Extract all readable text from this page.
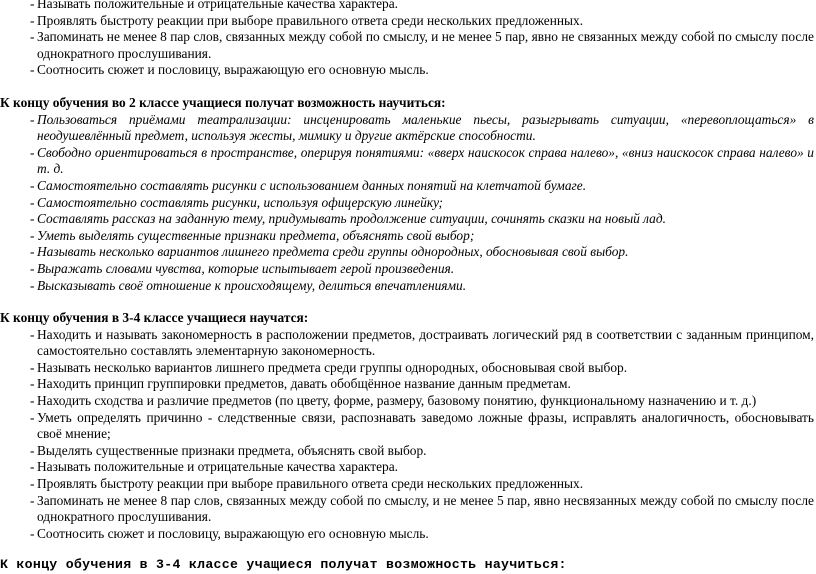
- Называть положительные и отрицательные качества характера.
- Проявлять быстроту реакции при выборе правильного ответа среди нескольких предложенных.
- Запоминать не менее 8 пар слов, связанных между собой по смыслу, и не менее 5 пар, явно не связанных между собой по смыслу после однократного прослушивания.
- Соотносить сюжет и пословицу, выражающую его основную мысль.

К концу обучения во 2 классе учащиеся получат возможность научиться:

- Пользоваться приёмами театрализации: инсценировать маленькие пьесы, разыгрывать ситуации, «перевоплощаться» в неодушевлённый предмет, используя жесты, мимику и другие актёрские способности.
- Свободно ориентироваться в пространстве, оперируя понятиями: «вверх наискосок справа налево», «вниз наискосок справа налево» и т. д.
- Самостоятельно составлять рисунки с использованием данных понятий на клетчатой бумаге.
- Самостоятельно составлять рисунки, используя офицерскую линейку;
- Составлять рассказ на заданную тему, придумывать продолжение ситуации, сочинять сказки на новый лад.
- Уметь выделять существенные признаки предмета, объяснять свой выбор;
- Называть несколько вариантов лишнего предмета среди группы однородных, обосновывая свой выбор.
- Выражать словами чувства, которые испытывает герой произведения.
- Высказывать своё отношение к происходящему, делиться впечатлениями.

К концу обучения в 3-4 классе учащиеся научатся:

- Находить и называть закономерность в расположении предметов, достраивать логический ряд в соответствии с заданным принципом, самостоятельно составлять элементарную закономерность.
- Называть несколько вариантов лишнего предмета среди группы однородных, обосновывая свой выбор.
- Находить принцип группировки предметов, давать обобщённое название данным предметам.
- Находить сходства и различие предметов (по цвету, форме, размеру, базовому понятию, функциональному назначению и т. д.)
- Уметь определять причинно - следственные связи, распознавать заведомо ложные фразы, исправлять аналогичность, обосновывать своё мнение;
- Выделять существенные признаки предмета, объяснять свой выбор.
- Называть положительные и отрицательные качества характера.
- Проявлять быстроту реакции при выборе правильного ответа среди нескольких предложенных.
- Запоминать не менее 8 пар слов, связанных между собой по смыслу, и не менее 5 пар, явно несвязанных между собой по смыслу после однократного прослушивания.
- Соотносить сюжет и пословицу, выражающую его основную мысль.

К концу обучения в 3-4 классе учащиеся получат возможность научиться:
